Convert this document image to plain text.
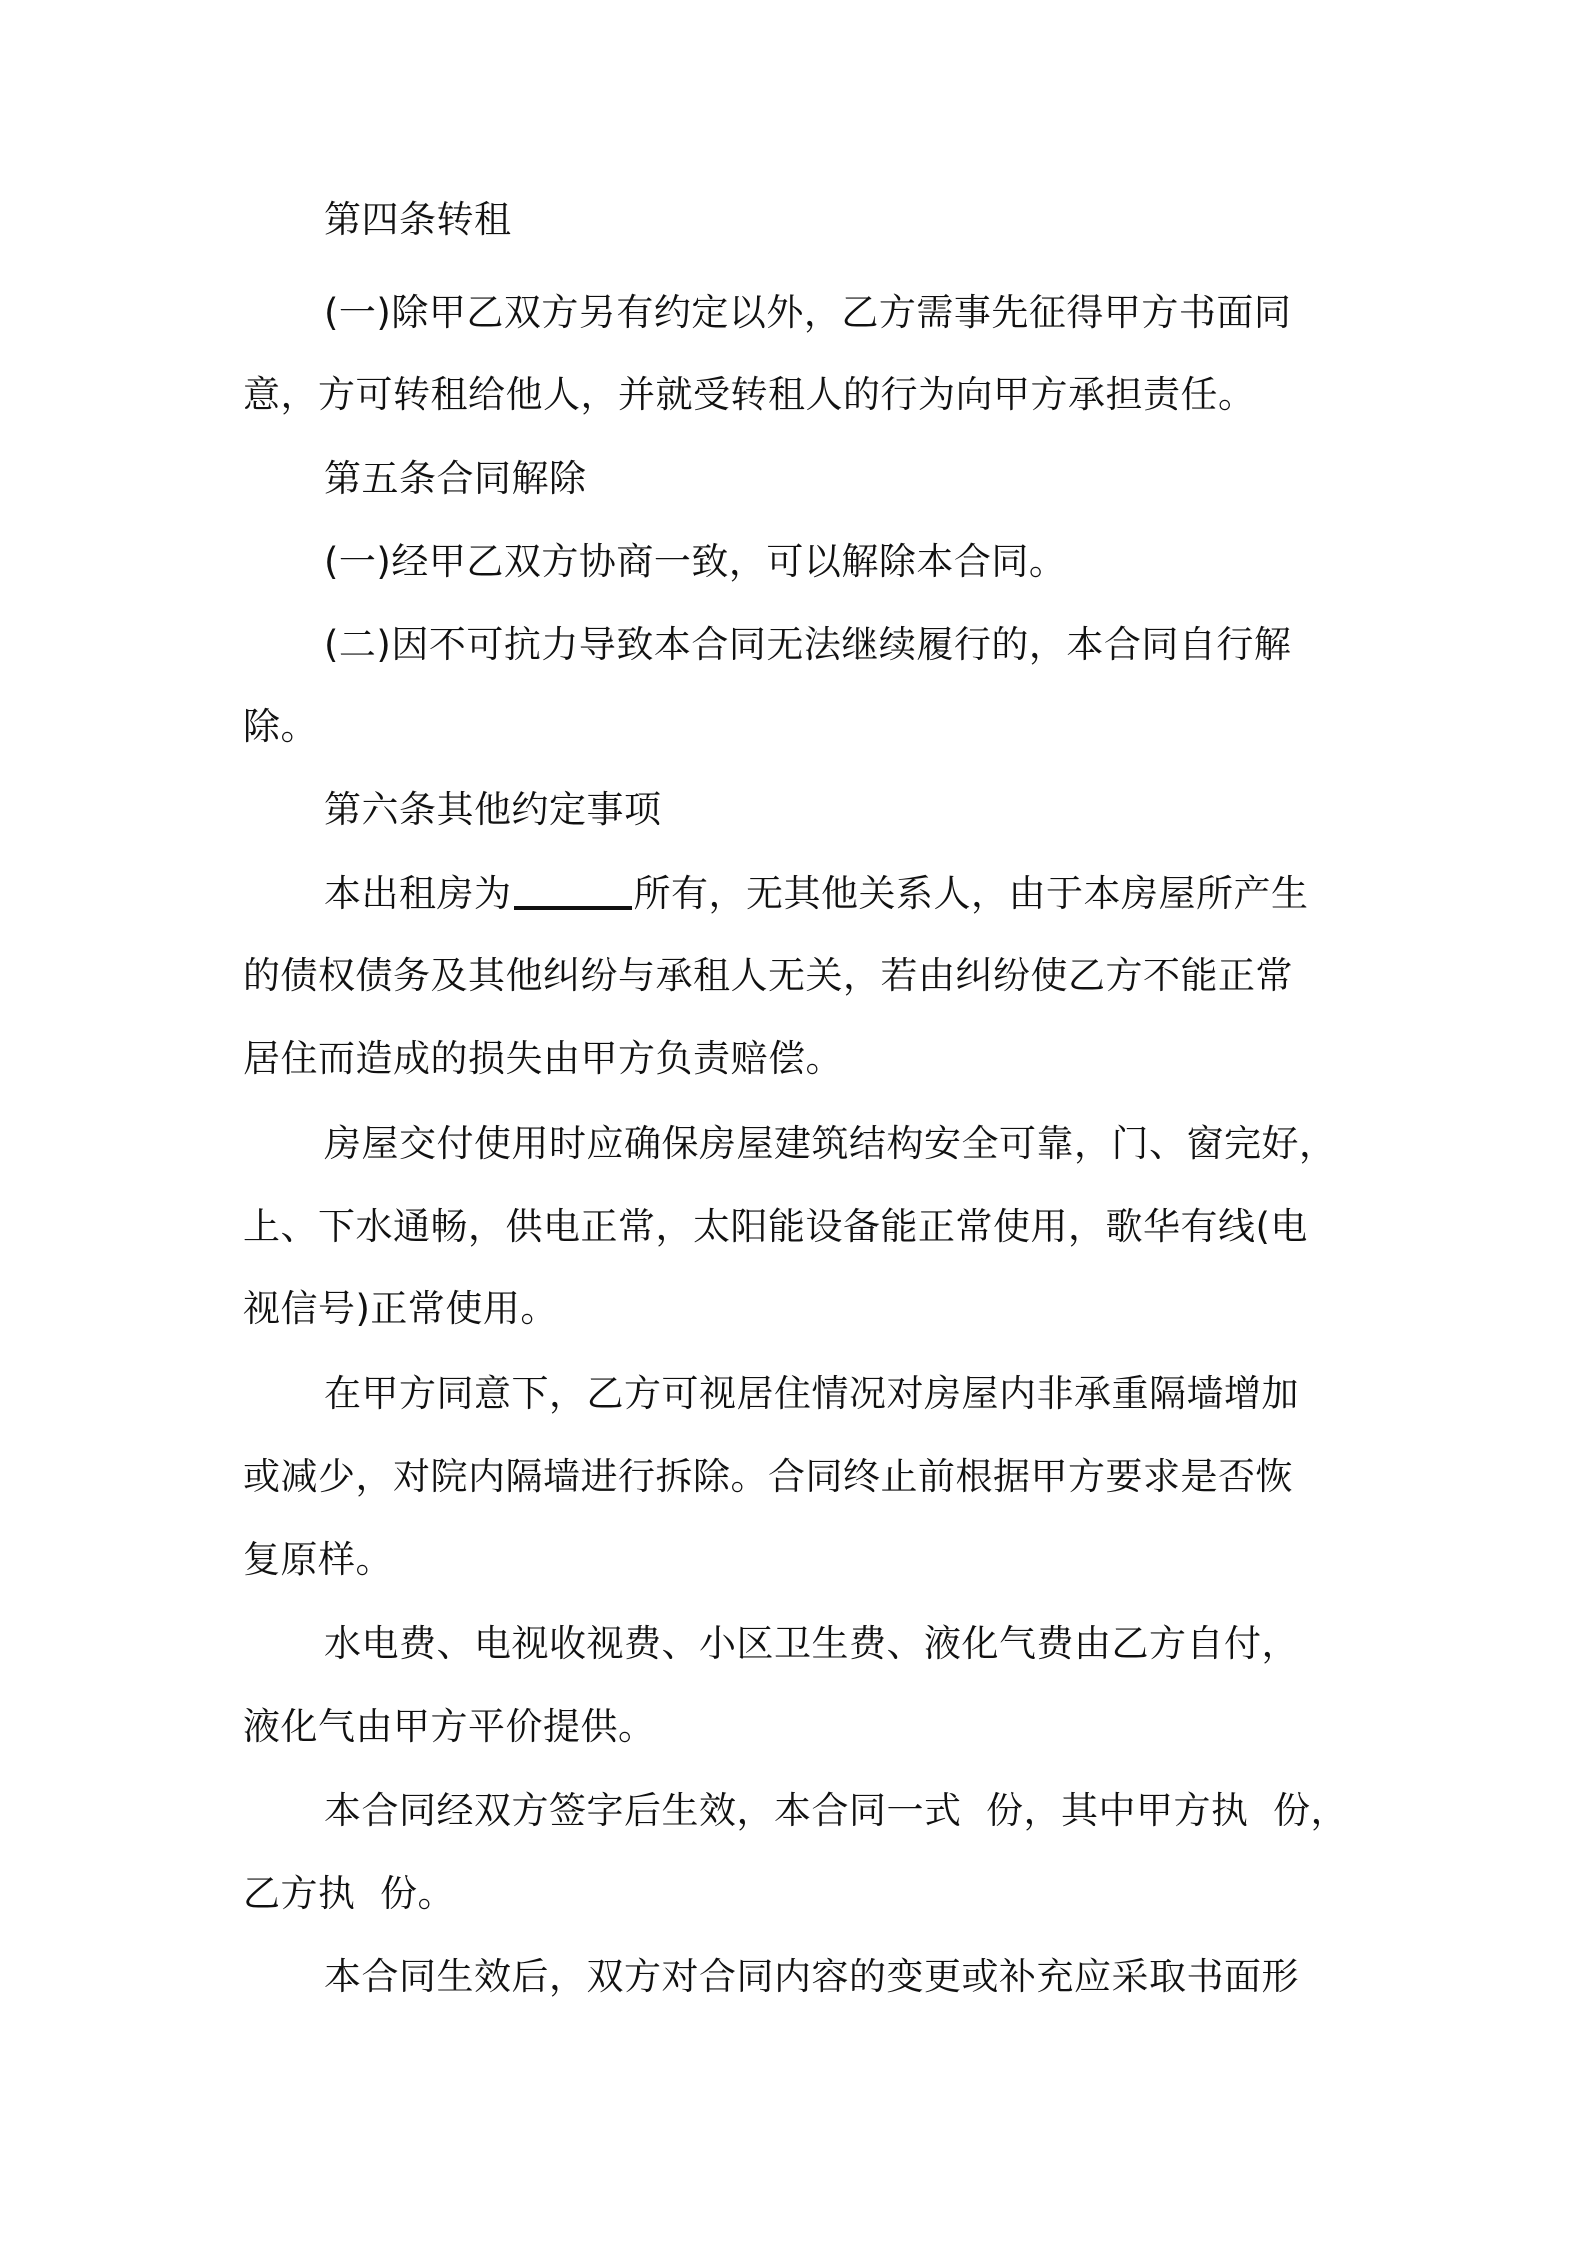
第四条转租
(一)除甲乙双方另有约定以外，乙方需事先征得甲方书面同
意，方可转租给他人，并就受转租人的行为向甲方承担责任。
第五条合同解除
(一)经甲乙双方协商一致，可以解除本合同。
(二)因不可抗力导致本合同无法继续履行的，本合同自行解
除。
第六条其他约定事项
本出租房为	所有，无其他关系人，由于本房屋所产生
的债权债务及其他纠纷与承租人无关，若由纠纷使乙方不能正常
居住而造成的损失由甲方负责赔偿。
房屋交付使用时应确保房屋建筑结构安全可靠，门、窗完好，
上、下水通畅，供电正常，太阳能设备能正常使用，歌华有线(电
视信号)正常使用。
在甲方同意下，乙方可视居住情况对房屋内非承重隔墙增加
或减少，对院内隔墙进行拆除。合同终止前根据甲方要求是否恢
复原样。
水电费、电视收视费、小区卫生费、液化气费由乙方自付，
液化气由甲方平价提供。
本合同经双方签字后生效，本合同一式  份，其中甲方执  份，
乙方执  份。
本合同生效后，双方对合同内容的变更或补充应采取书面形
